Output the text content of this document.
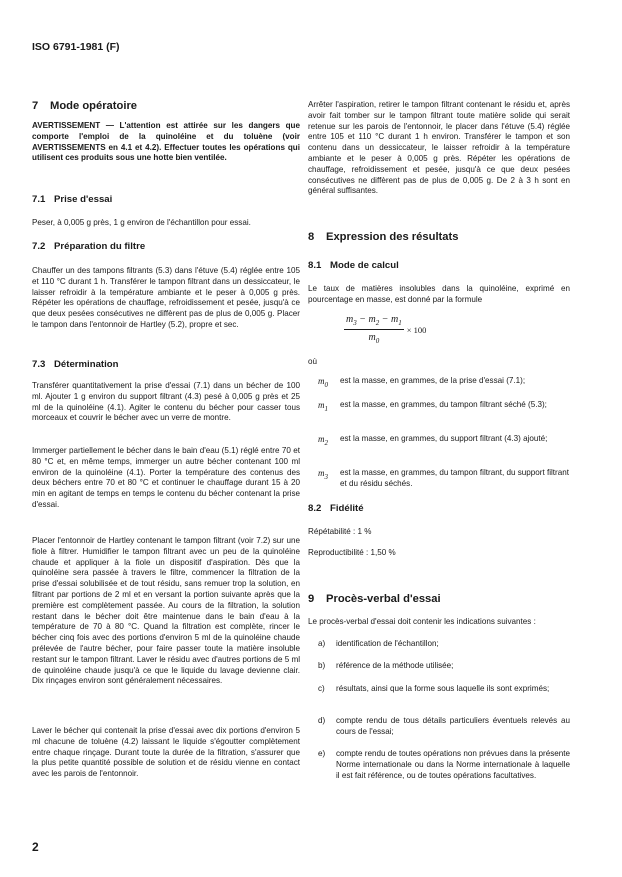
ISO 6791-1981 (F)
7 Mode opératoire
AVERTISSEMENT — L'attention est attirée sur les dangers que comporte l'emploi de la quinoléine et du toluène (voir AVERTISSEMENTS en 4.1 et 4.2). Effectuer toutes les opérations qui utilisent ces produits sous une hotte bien ventilée.
7.1 Prise d'essai
Peser, à 0,005 g près, 1 g environ de l'échantillon pour essai.
7.2 Préparation du filtre
Chauffer un des tampons filtrants (5.3) dans l'étuve (5.4) réglée entre 105 et 110 °C durant 1 h. Transférer le tampon filtrant dans un dessiccateur, le laisser refroidir à la température ambiante et le peser à 0,005 g près. Répéter les opérations de chauffage, refroidissement et pesée, jusqu'à ce que deux pesées consécutives ne diffèrent pas de plus de 0,005 g. Placer le tampon dans l'entonnoir de Hartley (5.2), propre et sec.
7.3 Détermination
Transférer quantitativement la prise d'essai (7.1) dans un bécher de 100 ml. Ajouter 1 g environ du support filtrant (4.3) pesé à 0,005 g près et 25 ml de la quinoléine (4.1). Agiter le contenu du bécher pour casser tous morceaux et couvrir le bécher avec un verre de montre.
Immerger partiellement le bécher dans le bain d'eau (5.1) réglé entre 70 et 80 °C et, en même temps, immerger un autre bécher contenant 100 ml environ de la quinoléine (4.1). Porter la température des contenus des deux béchers entre 70 et 80 °C et continuer le chauffage durant 15 à 20 min en agitant de temps en temps le contenu du bécher contenant la prise d'essai.
Placer l'entonnoir de Hartley contenant le tampon filtrant (voir 7.2) sur une fiole à filtrer. Humidifier le tampon filtrant avec un peu de la quinoléine chaude et appliquer à la fiole un dispositif d'aspiration. Dès que la quinoléine sera passée à travers le filtre, commencer la filtration de la prise d'essai solubilisée et de tout résidu, sans remuer trop la solution, en filtrant par portions de 2 ml et en versant la portion suivante après que la première est complètement passée. Au cours de la filtration, la solution restant dans le bécher doit être maintenue dans le bain d'eau à la température de 70 à 80 °C. Quand la filtration est complète, rincer le bécher cinq fois avec des portions d'environ 5 ml de la quinoléine chaude prélevée de l'autre bécher, pour faire passer toute la matière insoluble restant sur le tampon filtrant. Laver le résidu avec d'autres portions de 5 ml de quinoléine chaude jusqu'à ce que le liquide du lavage devienne clair. Dix rinçages environ sont généralement nécessaires.
Laver le bécher qui contenait la prise d'essai avec dix portions d'environ 5 ml chacune de toluène (4.2) laissant le liquide s'égoutter complètement entre chaque rinçage. Durant toute la durée de la filtration, s'assurer que la plus petite quantité possible de solution et de résidu vienne en contact avec les parois de l'entonnoir.
Arrêter l'aspiration, retirer le tampon filtrant contenant le résidu et, après avoir fait tomber sur le tampon filtrant toute matière solide qui serait retenue sur les parois de l'entonnoir, le placer dans l'étuve (5.4) réglée entre 105 et 110 °C durant 1 h environ. Transférer le tampon et son contenu dans un dessiccateur, le laisser refroidir à la température ambiante et le peser à 0,005 g près. Répéter les opérations de chauffage, refroidissement et pesée, jusqu'à ce que deux pesées consécutives ne diffèrent pas de plus de 0,005 g. De 2 à 3 h sont en général suffisantes.
8 Expression des résultats
8.1 Mode de calcul
Le taux de matières insolubles dans la quinoléine, exprimé en pourcentage en masse, est donné par la formule
$\frac{m_3 - m_2 - m_1}{m_0} \times 100$
où
$m_0$ est la masse, en grammes, de la prise d'essai (7.1);
$m_1$ est la masse, en grammes, du tampon filtrant séché (5.3);
$m_2$ est la masse, en grammes, du support filtrant (4.3) ajouté;
$m_3$ est la masse, en grammes, du tampon filtrant, du support filtrant et du résidu séchés.
8.2 Fidélité
Répétabilité : 1 %
Reproductibilité : 1,50 %
9 Procès-verbal d'essai
Le procès-verbal d'essai doit contenir les indications suivantes :
a) identification de l'échantillon;
b) référence de la méthode utilisée;
c) résultats, ainsi que la forme sous laquelle ils sont exprimés;
d) compte rendu de tous détails particuliers éventuels relevés au cours de l'essai;
e) compte rendu de toutes opérations non prévues dans la présente Norme internationale ou dans la Norme internationale à laquelle il est fait référence, ou de toutes opérations facultatives.
2
